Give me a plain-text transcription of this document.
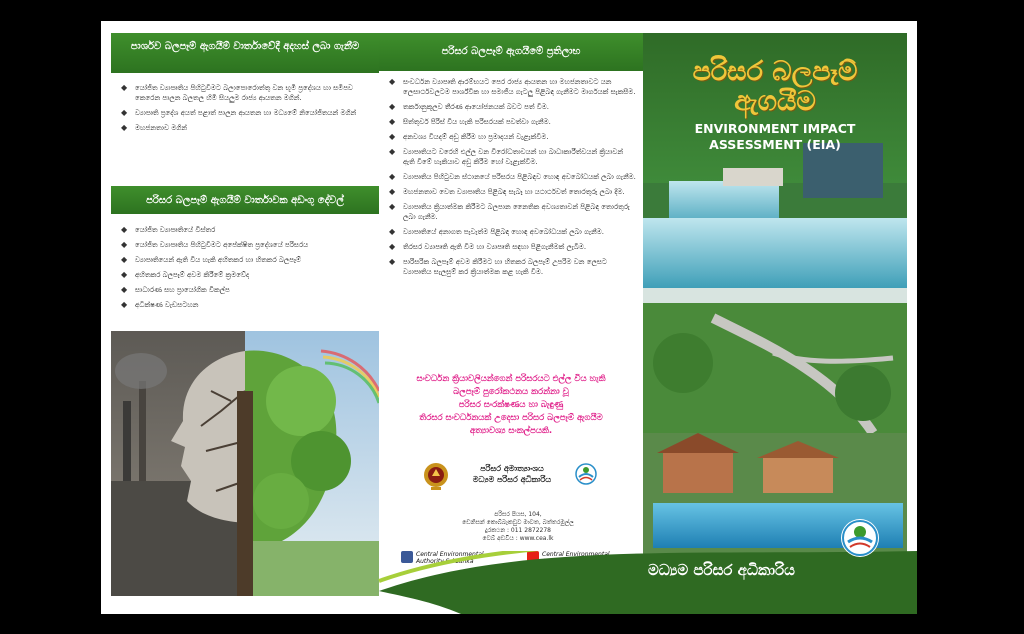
පාර්ශව බලපෑම් ඇගයීම් වාර්තාවේදී අදහස් ලබා ගැනීම
◆ යෝජිත ව්‍යාපෘතිය පිහිටුවීමට බලාපොරොත්තු වන භූමි ප්‍රදේශය හා සමීපව කෙරෙන පාලන බලතල හිමි සියලුම රාජ්‍ය ආයතන මගින්.
◆ ව්‍යාපෘති ප්‍රදේශ අයත් පළාත් පාලන ආයතන හා මධ්‍යමේ නියෝජිතයන් මගින්
◆ මහජනතාව මගින්
පරිසර බලපෑම් ඇගයීම් වාර්තාවක අඩංගු දේවල්
◆ යෝජිත ව්‍යාපෘතියේ විස්තර
◆ යෝජිත ව්‍යාපෘතිය පිහිටුවීමට අපේක්ෂිත ප්‍රදේශයේ පරිසරය
◆ ව්‍යාපෘතියෙන් ඇති විය හැකි අහිතකර හා හිතකර බලපෑම්
◆ අහිතකර බලපෑම් අවම කිරීමේ ක්‍රමවේද
◆ සාධාරණ සහ ප්‍රායෝගික විකල්ප
◆ අධීක්ෂණ වැඩසටහන
පරිසර බලපෑම් ඇගයීමේ ප්‍රතිලාභ
◆ සංවර්ධන ව්‍යාපෘති ආරම්භයට පෙර රාජ්‍ය ආයතන හා මහජනතාවට යන ලෙසාර්ථවලටම පාර්ශ්වික හා සමාජීය ගැටලු පිළිබඳ ගැනීමට මාර්ගයක් සැකසීම.
◆ තර්කානුකූලව තීරණ ආයෝජනයක් බවට පත් වීම.
◆ සිත්තුවර් පිරිස් විය හැකි පරිසරයක් පවත්වා ගැනීම.
◆ අනවශ්‍ය වියදම් අඩු කිරීම හා ප්‍රමාදයන් වැළැක්වීම.
◆ ව්‍යාපෘතියට වරෙහි එල්ල වන විරෝධතාවයන් හා බාධාකාරීත්වයන් ක්‍රියාවන් ඇති වීමේ හැකියාව අඩු කිරීම හෝ වැළැක්වීම.
◆ ව්‍යාපෘතිය පිහිටුවන ස්ථානයේ පරිසරය පිළිබඳව හොඳ අවබෝධයක් ලබා ගැනීම.
◆ මහජනතාව වෙත ව්‍යාපෘතිය පිළිබඳ සැබෑ හා යථාර්ථවත් තොරතුරු ලබා දීම.
◆ ව්‍යාපෘතිය ක්‍රියාත්මක කිරීමට බලපාන නෛතික අවශ්‍යතාවන් පිළිබඳ තොරතුරු ලබා ගැනීම.
◆ ව්‍යාපෘතියේ අනාගත පැවැත්ම පිළිබඳ හොඳ අවබෝධයක් ලබා ගැනීම.
◆ තිරසර ව්‍යාපෘති ඇති වීම හා ව්‍යාපෘති සඳහා පිළිගැනීමක් ලැබීම.
◆ පාරිසරික බලපෑම් අවම කිරීමට හා හිතකර බලපෑම් උපරිම වන ලෙසට ව්‍යාපෘතිය සැලසුම් කර ක්‍රියාත්මක කළ හැකි වීම.
සංවර්ධන ක්‍රියාවලියන්ගෙන් පරිසරයට එල්ල විය හැකි
බලපෑම් පුරෝකථනය කරන්නා වූ
පරිසර සංරක්ෂණය හා බැඳුණු
තිරසර සංවර්ධනයක් උදෙසා පරිසර බලපෑම් ඇගයීම
අත්‍යාවශ්‍ය සංකල්පයකි.
පරිසර අමාත්‍යාංශය
මධ්‍යම පරිසර අධිකාරිය
පරිසර පියස, 104,
ඩෙනිසන් කොබ්බෑකඩුව මාවත, බත්තරමුල්ල
දුරකථන : 011 2872278
වෙබ් අඩවිය : www.cea.lk
Central Environmental
Authority Sri Lanka
Central Environmental
පරිසර බලපෑම්
ඇගයීම
ENVIRONMENT IMPACT
ASSESSMENT (EIA)
මධ්‍යම පරිසර අධිකාරිය
